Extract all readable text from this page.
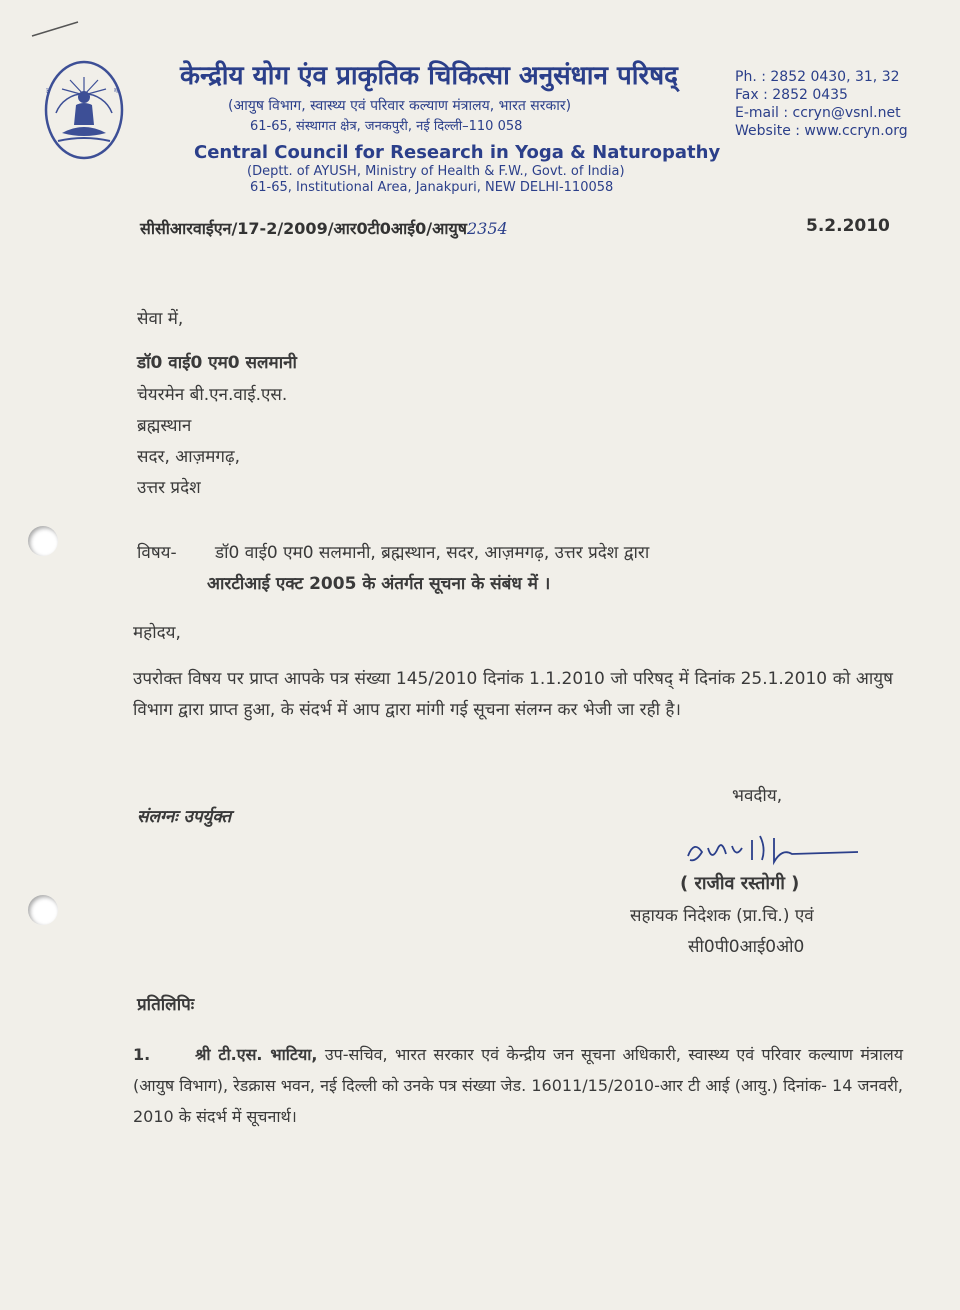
ज्ञ	ग केन्द्रीय योग एंव प्राकृतिक चिकित्सा अनुसंधान परिषद्

(आयुष विभाग, स्वास्थ्य एवं परिवार कल्याण मंत्रालय, भारत सरकार)

61-65, संस्थागत क्षेत्र, जनकपुरी, नई दिल्ली–110 058

Central Council for Research in Yoga & Naturopathy

(Deptt. of AYUSH, Ministry of Health & F.W., Govt. of India)

61-65, Institutional Area, Janakpuri, NEW DELHI-110058

Ph. : 2852 0430, 31, 32
Fax : 2852 0435
E-mail : ccryn@vsnl.net
Website : www.ccryn.org

सीसीआरवाईएन/17-2/2009/आर0टी0आई0/आयुष2354	5.2.2010

सेवा में,

डॉ0 वाई0 एम0 सलमानी

चेयरमेन बी.एन.वाई.एस.

ब्रह्मस्थान

सदर, आज़मगढ़,

उत्तर प्रदेश

विषय- डॉ0 वाई0 एम0 सलमानी, ब्रह्मस्थान, सदर, आज़मगढ़, उत्तर प्रदेश द्वारा
आरटीआई एक्ट 2005 के अंतर्गत सूचना के संबंध में ।

महोदय,

उपरोक्त विषय पर प्राप्त आपके पत्र संख्या 145/2010 दिनांक 1.1.2010 जो परिषद् में दिनांक 25.1.2010 को आयुष विभाग द्वारा प्राप्त हुआ, के संदर्भ में आप द्वारा मांगी गई सूचना संलग्न कर भेजी जा रही है।

भवदीय,

संलग्नः उपर्युक्त

( राजीव रस्तोगी )

सहायक निदेशक (प्रा.चि.) एवं

सी0पी0आई0ओ0

प्रतिलिपिः

1.	श्री टी.एस. भाटिया, उप-सचिव, भारत सरकार एवं केन्द्रीय जन सूचना अधिकारी, स्वास्थ्य एवं परिवार कल्याण मंत्रालय (आयुष विभाग), रेडक्रास भवन, नई दिल्ली को उनके पत्र संख्या जेड. 16011/15/2010-आर टी आई (आयु.) दिनांक- 14 जनवरी, 2010 के संदर्भ में सूचनार्थ।
